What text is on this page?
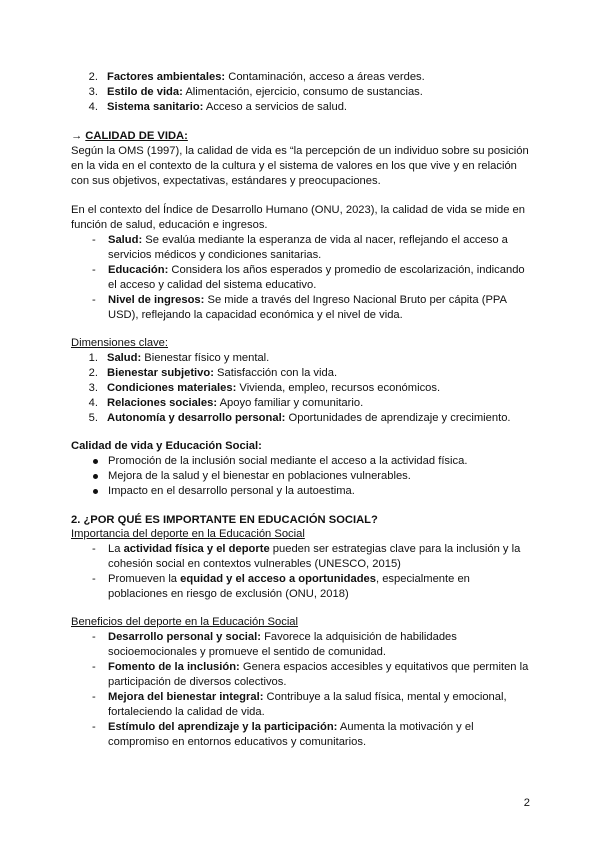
2. Factores ambientales: Contaminación, acceso a áreas verdes.
3. Estilo de vida: Alimentación, ejercicio, consumo de sustancias.
4. Sistema sanitario: Acceso a servicios de salud.
→ CALIDAD DE VIDA:
Según la OMS (1997), la calidad de vida es “la percepción de un individuo sobre su posición
en la vida en el contexto de la cultura y el sistema de valores en los que vive y en relación
con sus objetivos, expectativas, estándares y preocupaciones.
En el contexto del Índice de Desarrollo Humano (ONU, 2023), la calidad de vida se mide en
función de salud, educación e ingresos.
- Salud: Se evalúa mediante la esperanza de vida al nacer, reflejando el acceso a
servicios médicos y condiciones sanitarias.
- Educación: Considera los años esperados y promedio de escolarización, indicando
el acceso y calidad del sistema educativo.
- Nivel de ingresos: Se mide a través del Ingreso Nacional Bruto per cápita (PPA
USD), reflejando la capacidad económica y el nivel de vida.
Dimensiones clave:
1. Salud: Bienestar físico y mental.
2. Bienestar subjetivo: Satisfacción con la vida.
3. Condiciones materiales: Vivienda, empleo, recursos económicos.
4. Relaciones sociales: Apoyo familiar y comunitario.
5. Autonomía y desarrollo personal: Oportunidades de aprendizaje y crecimiento.
Calidad de vida y Educación Social:
Promoción de la inclusión social mediante el acceso a la actividad física.
Mejora de la salud y el bienestar en poblaciones vulnerables.
Impacto en el desarrollo personal y la autoestima.
2. ¿POR QUÉ ES IMPORTANTE EN EDUCACIÓN SOCIAL?
Importancia del deporte en la Educación Social
- La actividad física y el deporte pueden ser estrategias clave para la inclusión y la
cohesión social en contextos vulnerables (UNESCO, 2015)
- Promueven la equidad y el acceso a oportunidades, especialmente en
poblaciones en riesgo de exclusión (ONU, 2018)
Beneficios del deporte en la Educación Social
- Desarrollo personal y social: Favorece la adquisición de habilidades
socioemocionales y promueve el sentido de comunidad.
- Fomento de la inclusión: Genera espacios accesibles y equitativos que permiten la
participación de diversos colectivos.
- Mejora del bienestar integral: Contribuye a la salud física, mental y emocional,
fortaleciendo la calidad de vida.
- Estímulo del aprendizaje y la participación: Aumenta la motivación y el
compromiso en entornos educativos y comunitarios.
2
